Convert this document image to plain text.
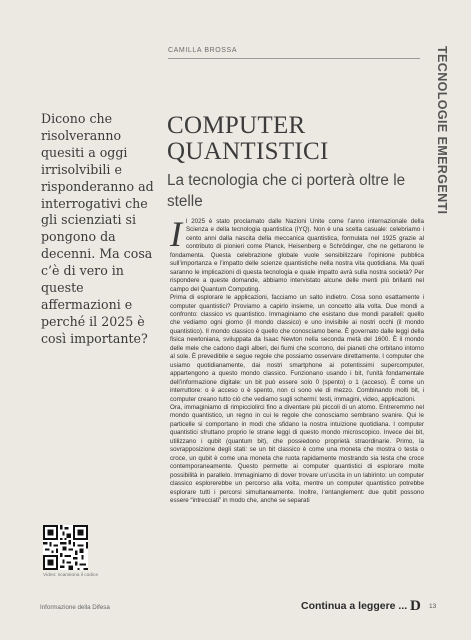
CAMILLA BROSSA	TECNOLOGIE EMERGENTI
Dicono che risolveranno quesiti a oggi irrisolvibili e risponderanno ad interrogativi che gli scienziati si pongono da decenni. Ma cosa c’è di vero in queste affermazioni e perché il 2025 è così importante?
COMPUTER QUANTISTICI
La tecnologia che ci porterà oltre le stelle

Il 2025 è stato proclamato dalle Nazioni Unite come l’anno internazionale della Scienza e della tecnologia quantistica (IYQ). Non è una scelta casuale: celebriamo i cento anni dalla nascita della meccanica quantistica, formulata nel 1925 grazie al contributo di pionieri come Planck, Heisenberg e Schrödinger, che ne gettarono le fondamenta. Questa celebrazione globale vuole sensibilizzare l’opinione pubblica sull’importanza e l’impatto delle scienze quantistiche nella nostra vita quotidiana. Ma quali saranno le implicazioni di questa tecnologia e quale impatto avrà sulla nostra società? Per rispondere a queste domande, abbiamo intervistato alcune delle menti più brillanti nel campo del Quantum Computing.

Prima di esplorare le applicazioni, facciamo un salto indietro. Cosa sono esattamente i computer quantistici? Proviamo a capirlo insieme, un concetto alla volta. Due mondi a confronto: classico vs quantistico. Immaginiamo che esistano due mondi paralleli: quello che vediamo ogni giorno (il mondo classico) e uno invisibile ai nostri occhi (il mondo quantistico). Il mondo classico è quello che conosciamo bene. È governato dalle leggi della fisica newtoniana, sviluppata da Isaac Newton nella seconda metà del 1600. È il mondo delle mele che cadono dagli alberi, dei fiumi che scorrono, dei pianeti che orbitano intorno al sole. È prevedibile e segue regole che possiamo osservare direttamente. I computer che usiamo quotidianamente, dai nostri smartphone ai potentissimi supercomputer, appartengono a questo mondo classico. Funzionano usando i bit, l’unità fondamentale dell’informazione digitale: un bit può essere solo 0 (spento) o 1 (acceso). È come un interruttore: o è acceso o è spento, non ci sono vie di mezzo. Combinando molti bit, i computer creano tutto ciò che vediamo sugli schermi: testi, immagini, video, applicazioni.

Ora, immaginiamo di rimpicciolirci fino a diventare più piccoli di un atomo. Entreremmo nel mondo quantistico, un regno in cui le regole che conosciamo sembrano svanire. Qui le particelle si comportano in modi che sfidano la nostra intuizione quotidiana. I computer quantistici sfruttano proprio le strane leggi di questo mondo microscopico. Invece dei bit, utilizzano i qubit (quantum bit), che possiedono proprietà straordinarie. Primo, la sovrapposizione degli stati: se un bit classico è come una moneta che mostra o testa o croce, un qubit è come una moneta che ruota rapidamente mostrando sia testa che croce contemporaneamente. Questo permette ai computer quantistici di esplorare molte possibilità in parallelo. Immaginiamo di dover trovare un’uscita in un labirinto: un computer classico esplorerebbe un percorso alla volta, mentre un computer quantistico potrebbe esplorare tutti i percorsi simultaneamente. Inoltre, l’entanglement: due qubit possono essere “intrecciati” in modo che, anche se separati

Video: scansiona il codice
Informazione della Difesa	Continua a leggere ... D 13
